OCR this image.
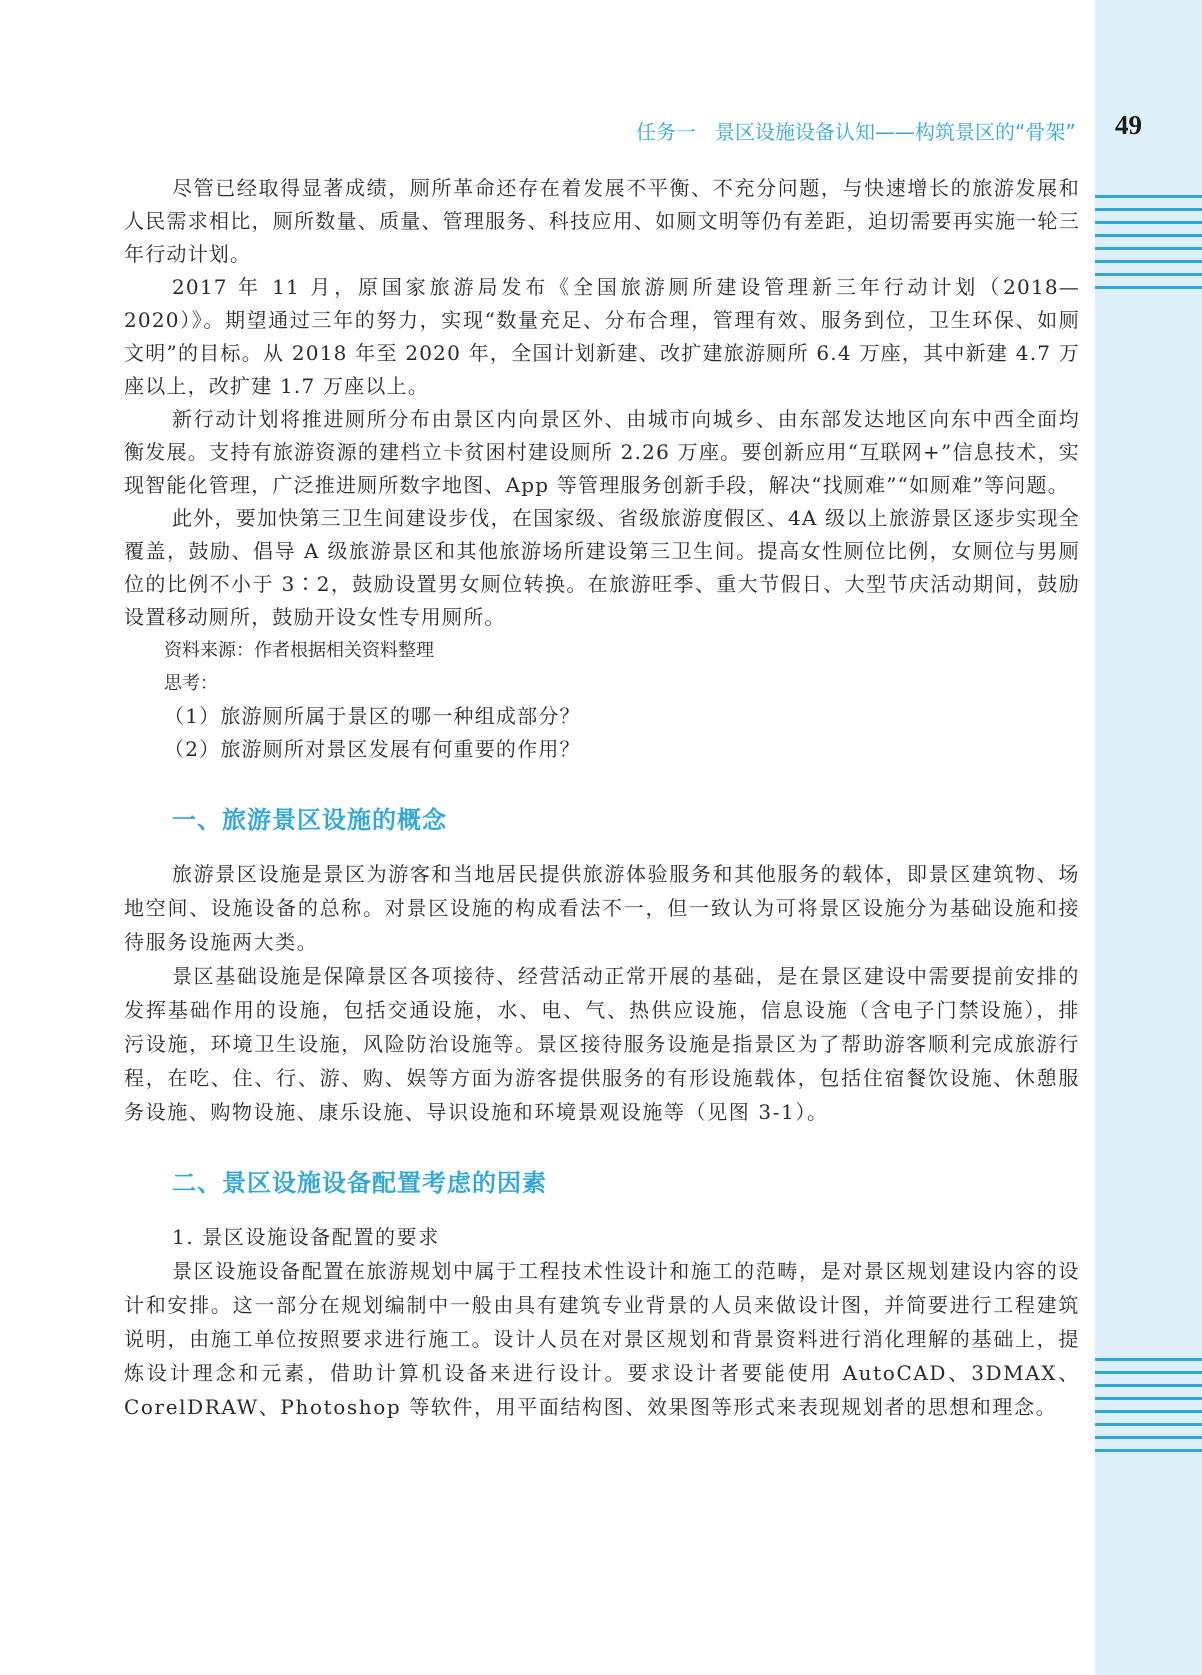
任务一 景区设施设备认知——构筑景区的“骨架” 49

尽管已经取得显著成绩，厕所革命还存在着发展不平衡、不充分问题，与快速增长的旅游发展和人民需求相比，厕所数量、质量、管理服务、科技应用、如厕文明等仍有差距，迫切需要再实施一轮三年行动计划。

2017 年 11 月，原国家旅游局发布《全国旅游厕所建设管理新三年行动计划（2018—2020）》。期望通过三年的努力，实现“数量充足、分布合理，管理有效、服务到位，卫生环保、如厕文明”的目标。从 2018 年至 2020 年，全国计划新建、改扩建旅游厕所 6.4 万座，其中新建 4.7 万座以上，改扩建 1.7 万座以上。

新行动计划将推进厕所分布由景区内向景区外、由城市向城乡、由东部发达地区向东中西全面均衡发展。支持有旅游资源的建档立卡贫困村建设厕所 2.26 万座。要创新应用“互联网+”信息技术，实现智能化管理，广泛推进厕所数字地图、App 等管理服务创新手段，解决“找厕难”“如厕难”等问题。

此外，要加快第三卫生间建设步伐，在国家级、省级旅游度假区、4A 级以上旅游景区逐步实现全覆盖，鼓励、倡导 A 级旅游景区和其他旅游场所建设第三卫生间。提高女性厕位比例，女厕位与男厕位的比例不小于 3∶2，鼓励设置男女厕位转换。在旅游旺季、重大节假日、大型节庆活动期间，鼓励设置移动厕所，鼓励开设女性专用厕所。

资料来源：作者根据相关资料整理

思考：

（1）旅游厕所属于景区的哪一种组成部分？

（2）旅游厕所对景区发展有何重要的作用？

一、旅游景区设施的概念

旅游景区设施是景区为游客和当地居民提供旅游体验服务和其他服务的载体，即景区建筑物、场地空间、设施设备的总称。对景区设施的构成看法不一，但一致认为可将景区设施分为基础设施和接待服务设施两大类。

景区基础设施是保障景区各项接待、经营活动正常开展的基础，是在景区建设中需要提前安排的发挥基础作用的设施，包括交通设施，水、电、气、热供应设施，信息设施（含电子门禁设施），排污设施，环境卫生设施，风险防治设施等。景区接待服务设施是指景区为了帮助游客顺利完成旅游行程，在吃、住、行、游、购、娱等方面为游客提供服务的有形设施载体，包括住宿餐饮设施、休憩服务设施、购物设施、康乐设施、导识设施和环境景观设施等（见图 3-1）。

二、景区设施设备配置考虑的因素

1. 景区设施设备配置的要求

景区设施设备配置在旅游规划中属于工程技术性设计和施工的范畴，是对景区规划建设内容的设计和安排。这一部分在规划编制中一般由具有建筑专业背景的人员来做设计图，并简要进行工程建筑说明，由施工单位按照要求进行施工。设计人员在对景区规划和背景资料进行消化理解的基础上，提炼设计理念和元素，借助计算机设备来进行设计。要求设计者要能使用 AutoCAD、3DMAX、CorelDRAW、Photoshop 等软件，用平面结构图、效果图等形式来表现规划者的思想和理念。
